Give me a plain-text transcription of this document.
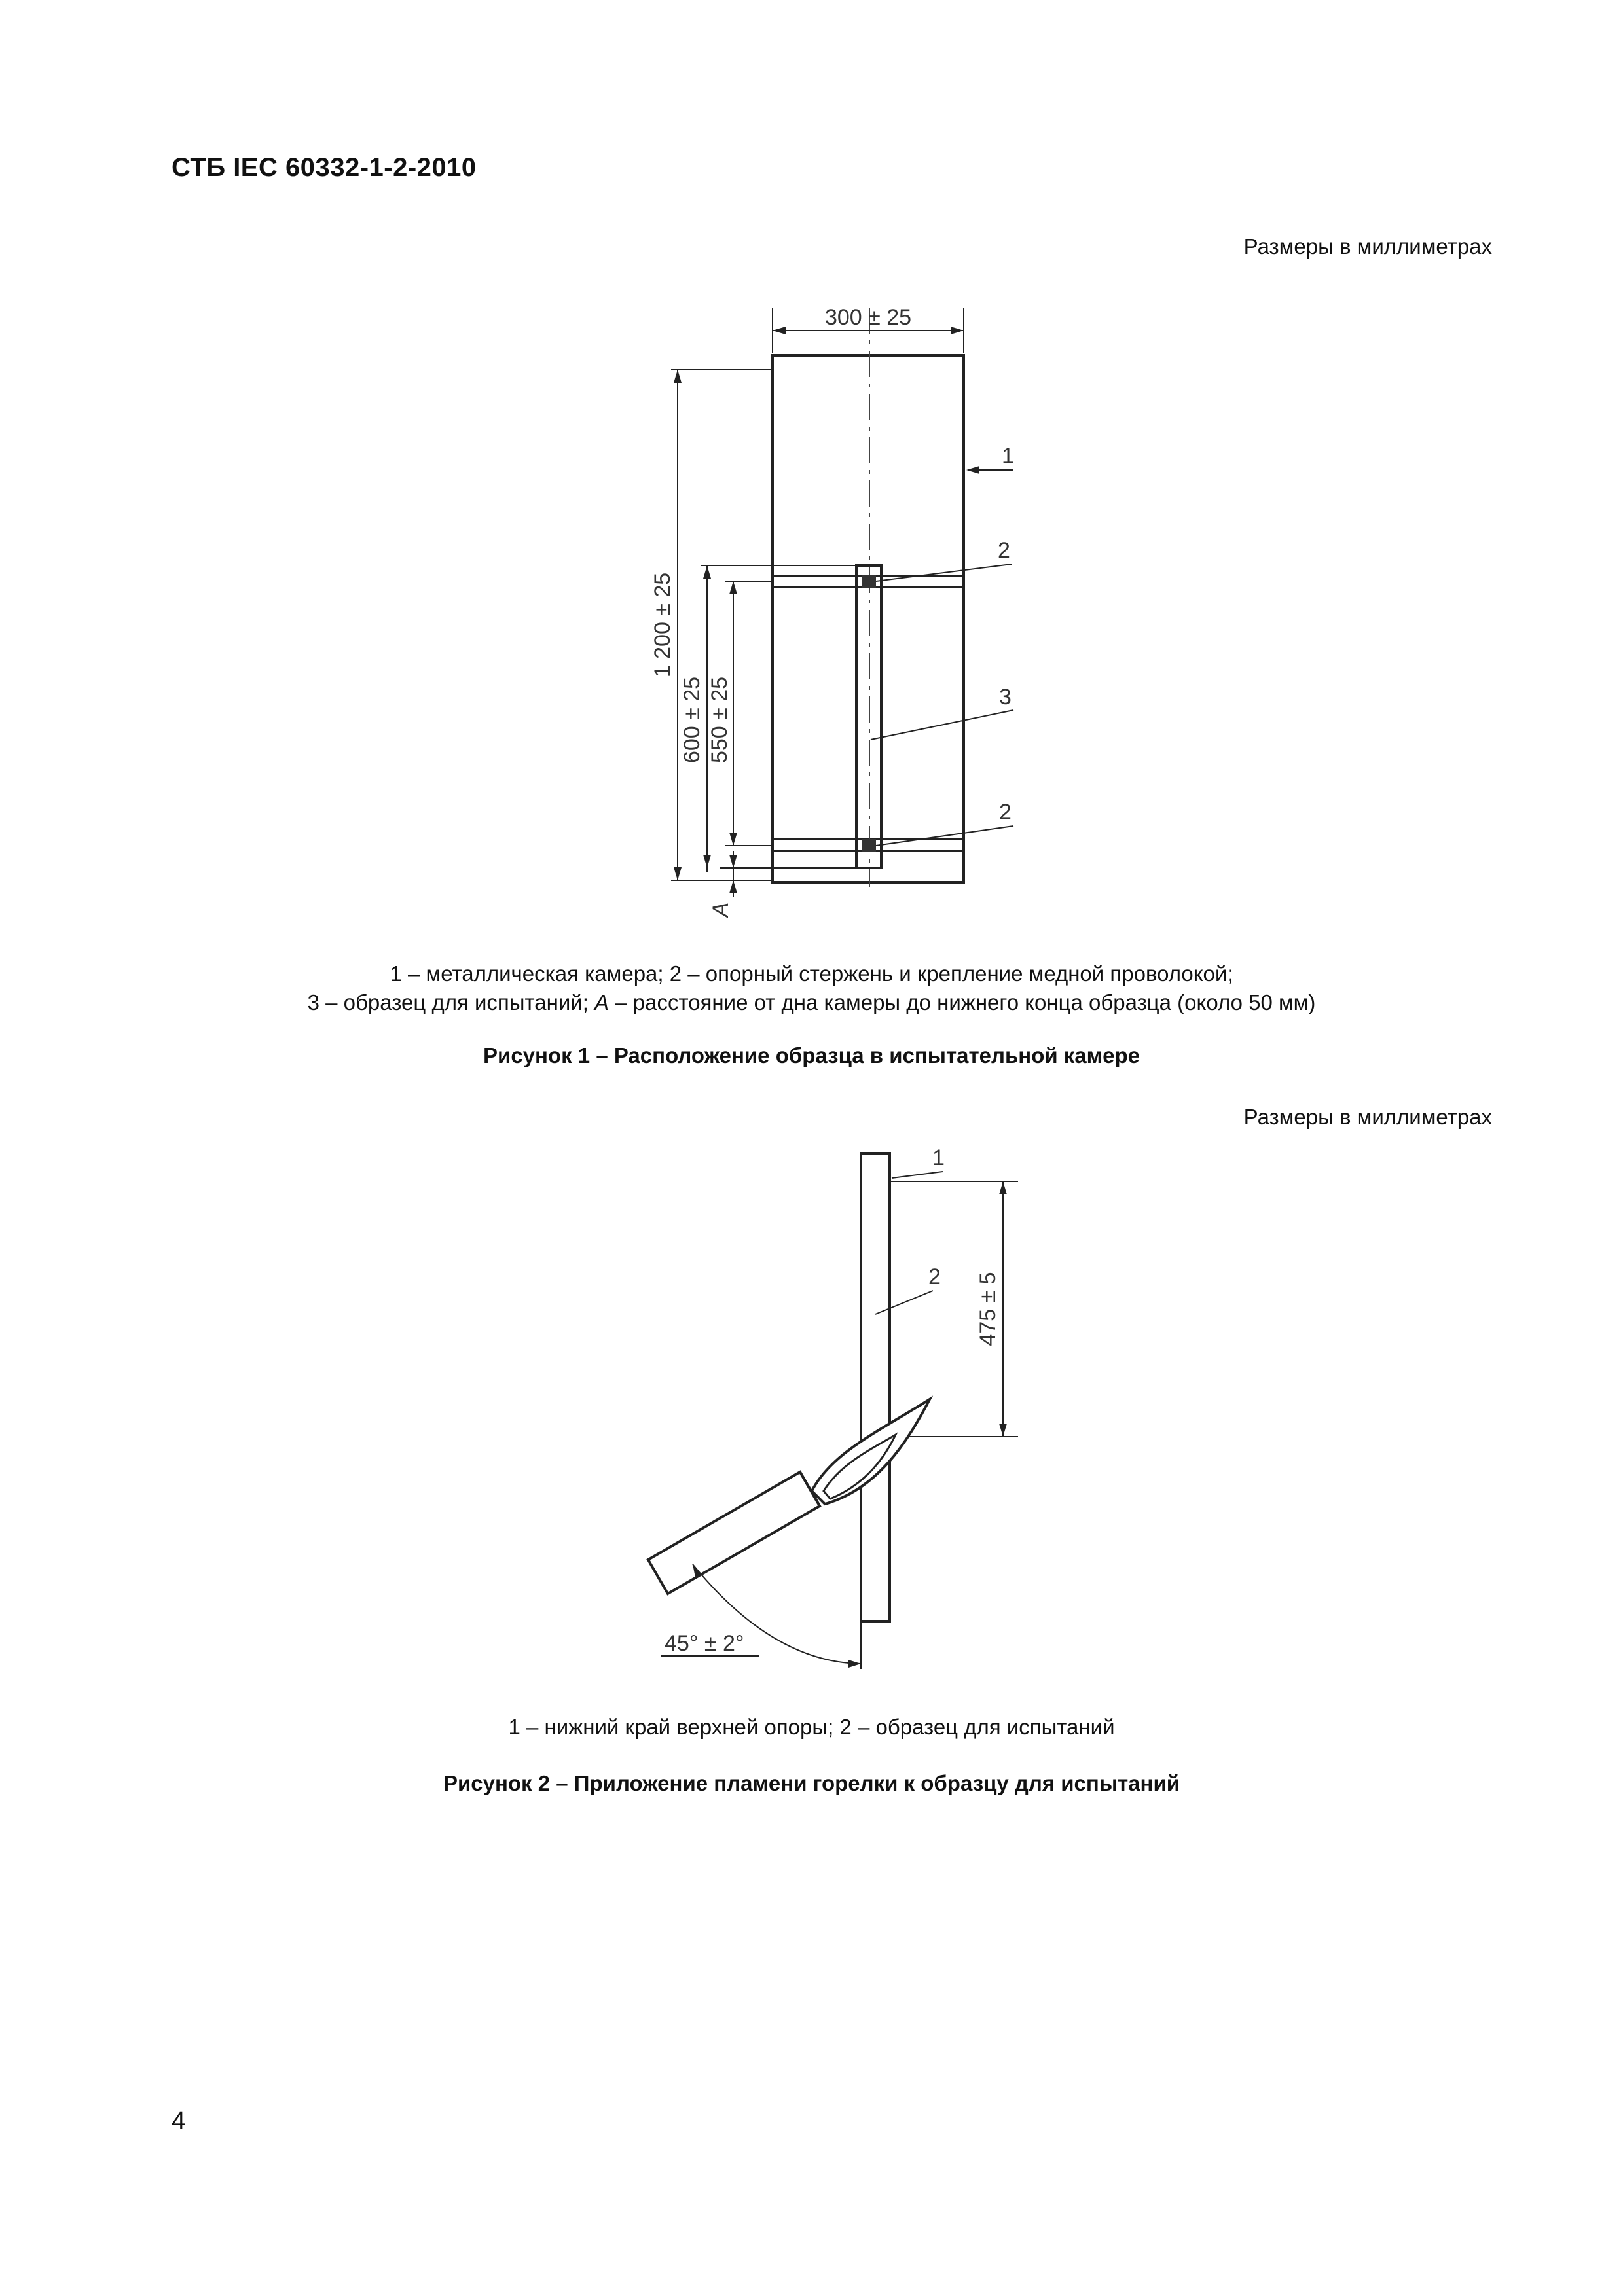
СТБ IEC 60332-1-2-2010
Размеры в миллиметрах
300 ± 25
1 200 ± 25
600 ± 25 550 ± 25
A
1
2
3
2
1 – металлическая камера; 2 – опорный стержень и крепление медной проволокой;
3 – образец для испытаний; A – расстояние от дна камеры до нижнего конца образца (около 50 мм)
Рисунок 1 – Расположение образца в испытательной камере
Размеры в миллиметрах
475 ± 5
1
2
45° ± 2°
1 – нижний край верхней опоры; 2 – образец для испытаний
Рисунок 2 – Приложение пламени горелки к образцу для испытаний
4
